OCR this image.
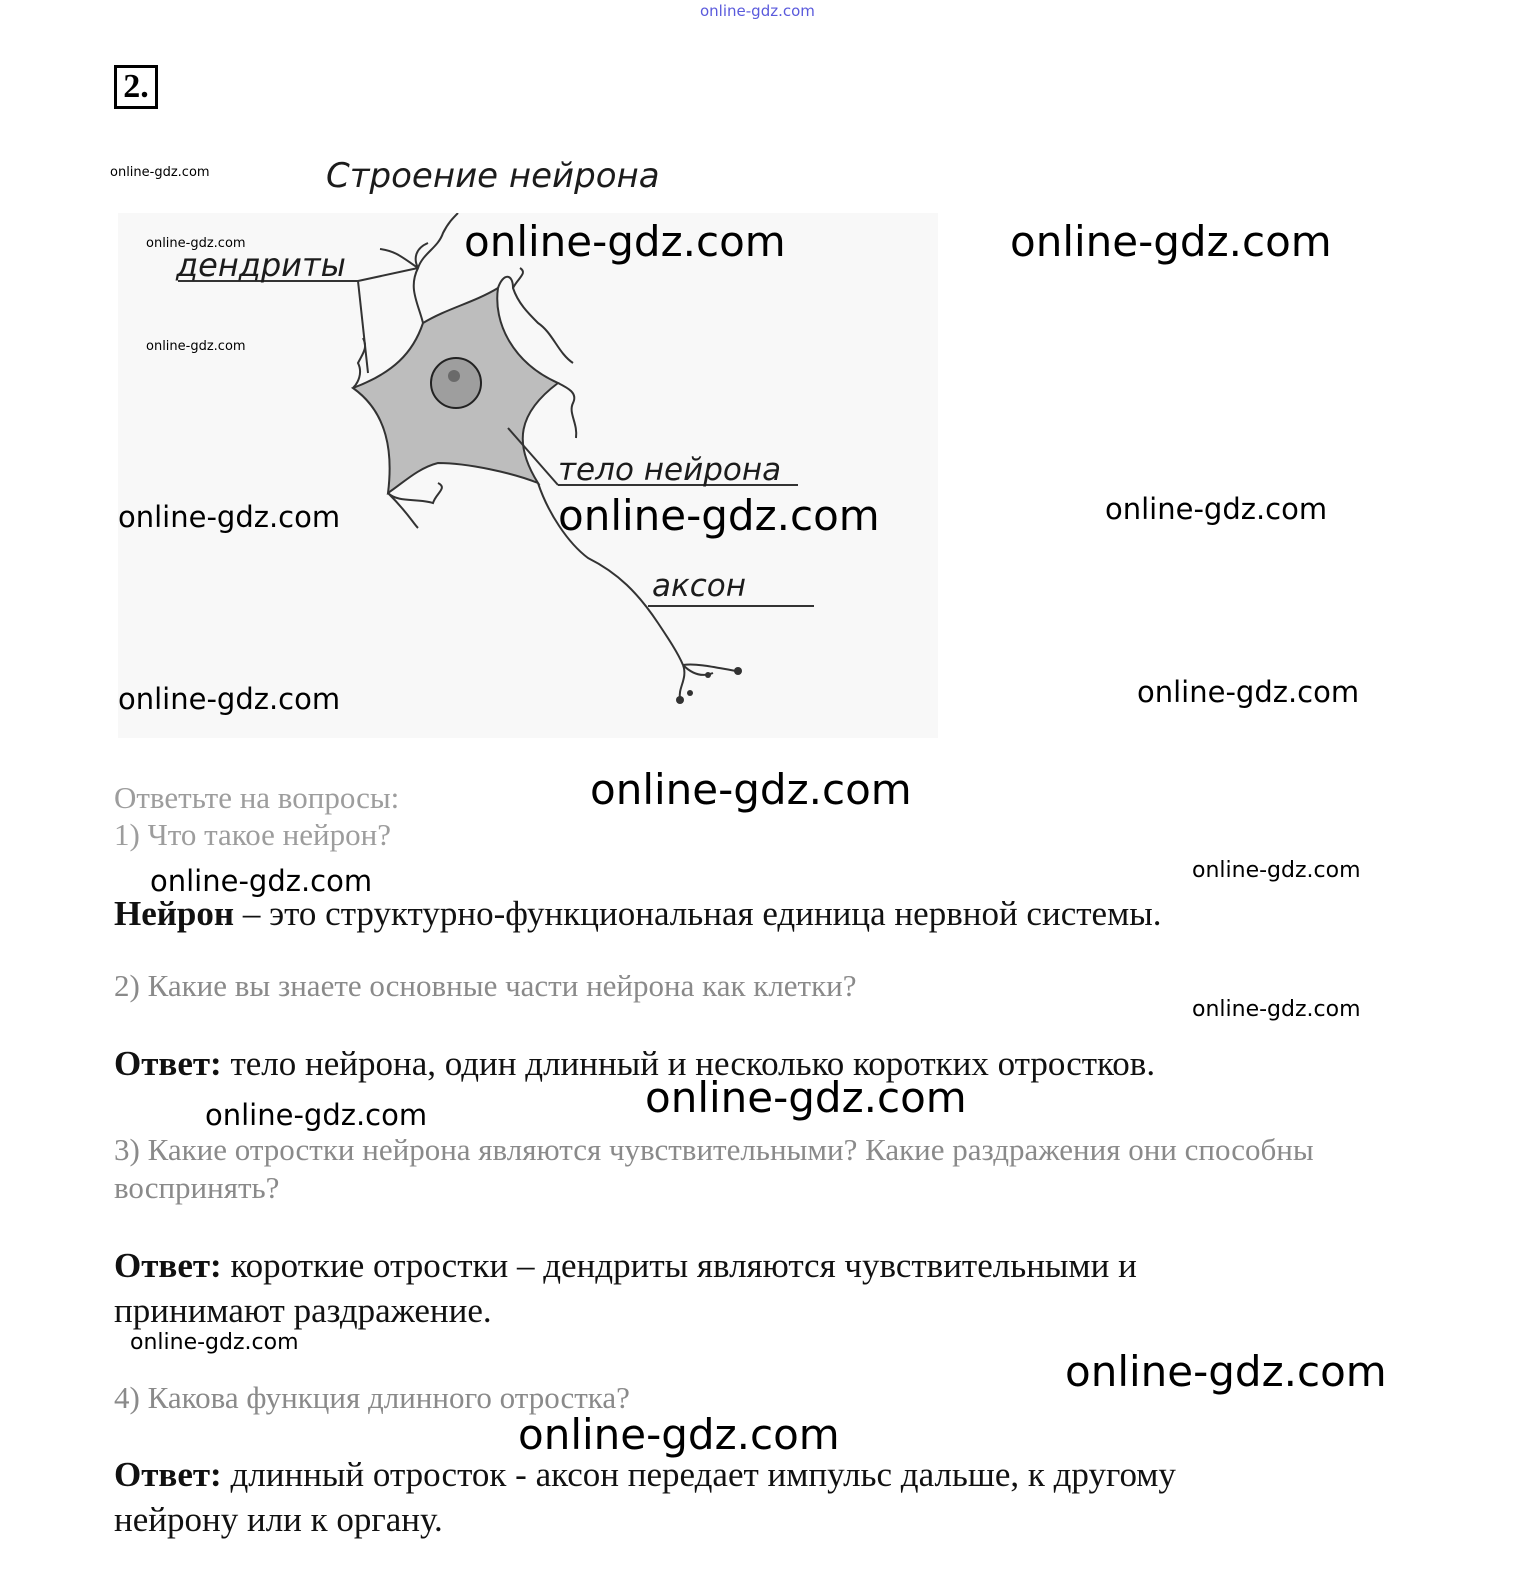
online-gdz.com
2.
Строение нейрона
дендриты
тело нейрона
аксон
Ответьте на вопросы:
1) Что такое нейрон?
Нейрон – это структурно-функциональная единица нервной системы.
2) Какие вы знаете основные части нейрона как клетки?
Ответ: тело нейрона, один длинный и несколько коротких отростков.
3) Какие отростки нейрона являются чувствительными? Какие раздражения они способны
воспринять?
Ответ: короткие отростки – дендриты являются чувствительными и
принимают раздражение.
4) Какова функция длинного отростка?
Ответ: длинный отросток - аксон передает импульс дальше, к другому
нейрону или к органу.
online-gdz.com
online-gdz.com
online-gdz.com
online-gdz.com	online-gdz.com
online-gdz.com	online-gdz.com	online-gdz.com
online-gdz.com	online-gdz.com
online-gdz.com
online-gdz.com	online-gdz.com
online-gdz.com
online-gdz.com
online-gdz.com
online-gdz.com
online-gdz.com
online-gdz.com
